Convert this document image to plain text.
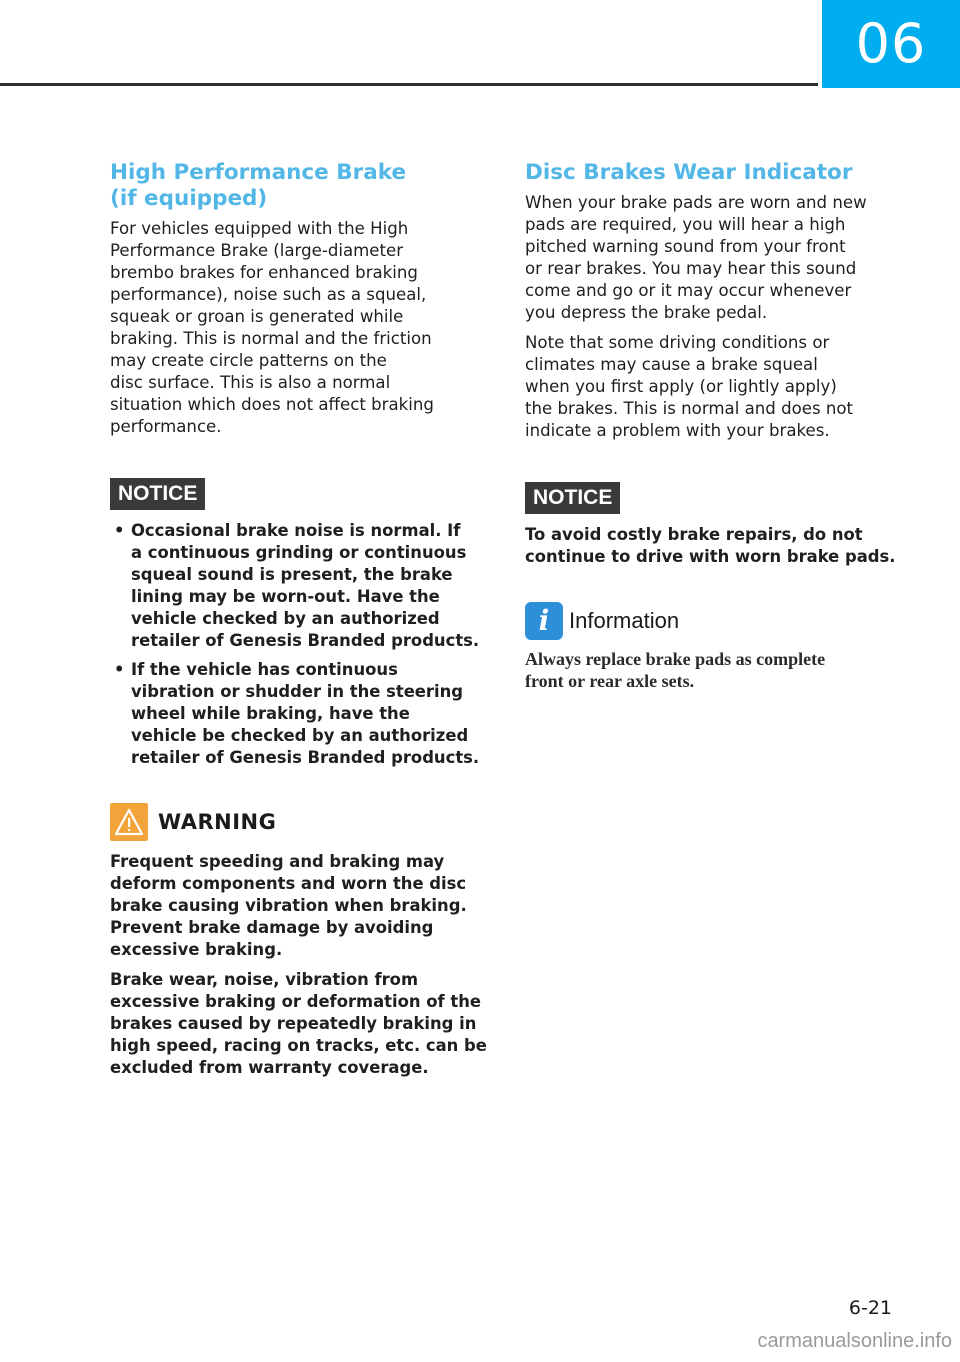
06
High Performance Brake
(if equipped)

For vehicles equipped with the High
Performance Brake (large-diameter
brembo brakes for enhanced braking
performance), noise such as a squeal,
squeak or groan is generated while
braking. This is normal and the friction
may create circle patterns on the
disc surface. This is also a normal
situation which does not affect braking
performance.

NOTICE
• Occasional brake noise is normal. If
a continuous grinding or continuous
squeal sound is present, the brake
lining may be worn-out. Have the
vehicle checked by an authorized
retailer of Genesis Branded products.
• If the vehicle has continuous
vibration or shudder in the steering
wheel while braking, have the
vehicle be checked by an authorized
retailer of Genesis Branded products.
WARNING

Frequent speeding and braking may
deform components and worn the disc
brake causing vibration when braking.
Prevent brake damage by avoiding
excessive braking.

Brake wear, noise, vibration from
excessive braking or deformation of the
brakes caused by repeatedly braking in
high speed, racing on tracks, etc. can be
excluded from warranty coverage.

Disc Brakes Wear Indicator

When your brake pads are worn and new
pads are required, you will hear a high
pitched warning sound from your front
or rear brakes. You may hear this sound
come and go or it may occur whenever
you depress the brake pedal.

Note that some driving conditions or
climates may cause a brake squeal
when you first apply (or lightly apply)
the brakes. This is normal and does not
indicate a problem with your brakes.

NOTICE

To avoid costly brake repairs, do not
continue to drive with worn brake pads.

i Information

Always replace brake pads as complete
front or rear axle sets.

6-21
carmanualsonline.info
